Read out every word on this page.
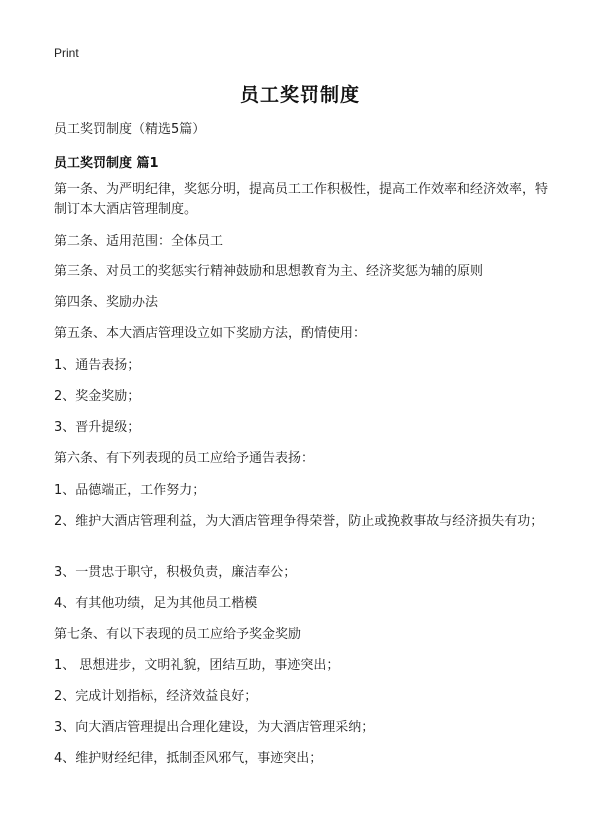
Print
员工奖罚制度
员工奖罚制度（精选5篇）
员工奖罚制度 篇1
第一条、为严明纪律，奖惩分明，提高员工工作积极性，提高工作效率和经济效率，特制订本大酒店管理制度。
第二条、适用范围：全体员工
第三条、对员工的奖惩实行精神鼓励和思想教育为主、经济奖惩为辅的原则
第四条、奖励办法
第五条、本大酒店管理设立如下奖励方法，酌情使用：
1、通告表扬；
2、奖金奖励；
3、晋升提级；
第六条、有下列表现的员工应给予通告表扬：
1、品德端正，工作努力；
2、维护大酒店管理利益，为大酒店管理争得荣誉，防止或挽救事故与经济损失有功；
3、一贯忠于职守，积极负责，廉洁奉公；
4、有其他功绩，足为其他员工楷模
第七条、有以下表现的员工应给予奖金奖励
1、 思想进步，文明礼貌，团结互助，事迹突出；
2、完成计划指标，经济效益良好；
3、向大酒店管理提出合理化建设，为大酒店管理采纳；
4、维护财经纪律，抵制歪风邪气，事迹突出；
